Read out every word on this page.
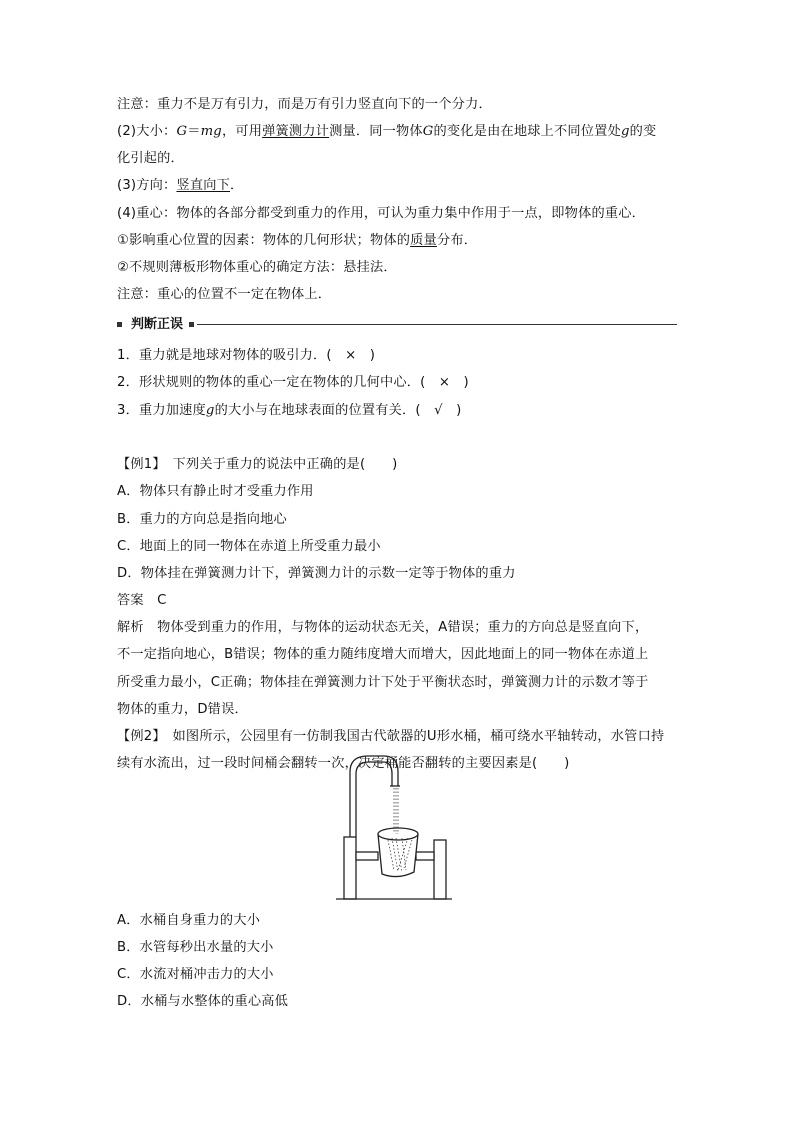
注意：重力不是万有引力，而是万有引力竖直向下的一个分力．
(2)大小：G＝mg，可用弹簧测力计测量．同一物体G的变化是由在地球上不同位置处g的变
化引起的．
(3)方向：竖直向下．
(4)重心：物体的各部分都受到重力的作用，可认为重力集中作用于一点，即物体的重心．
①影响重心位置的因素：物体的几何形状；物体的质量分布．
②不规则薄板形物体重心的确定方法：悬挂法．
注意：重心的位置不一定在物体上．
判断正误
1．重力就是地球对物体的吸引力．(　×　)
2．形状规则的物体的重心一定在物体的几何中心．(　×　)
3．重力加速度g的大小与在地球表面的位置有关．(　√　)
【例1】　下列关于重力的说法中正确的是(　　)
A．物体只有静止时才受重力作用
B．重力的方向总是指向地心
C．地面上的同一物体在赤道上所受重力最小
D．物体挂在弹簧测力计下，弹簧测力计的示数一定等于物体的重力
答案　C
解析　物体受到重力的作用，与物体的运动状态无关，A错误；重力的方向总是竖直向下，
不一定指向地心，B错误；物体的重力随纬度增大而增大，因此地面上的同一物体在赤道上
所受重力最小，C正确；物体挂在弹簧测力计下处于平衡状态时，弹簧测力计的示数才等于
物体的重力，D错误．
【例2】　如图所示，公园里有一仿制我国古代欹器的U形水桶，桶可绕水平轴转动，水管口持
续有水流出，过一段时间桶会翻转一次，决定桶能否翻转的主要因素是(　　)
A．水桶自身重力的大小
B．水管每秒出水量的大小
C．水流对桶冲击力的大小
D．水桶与水整体的重心高低
